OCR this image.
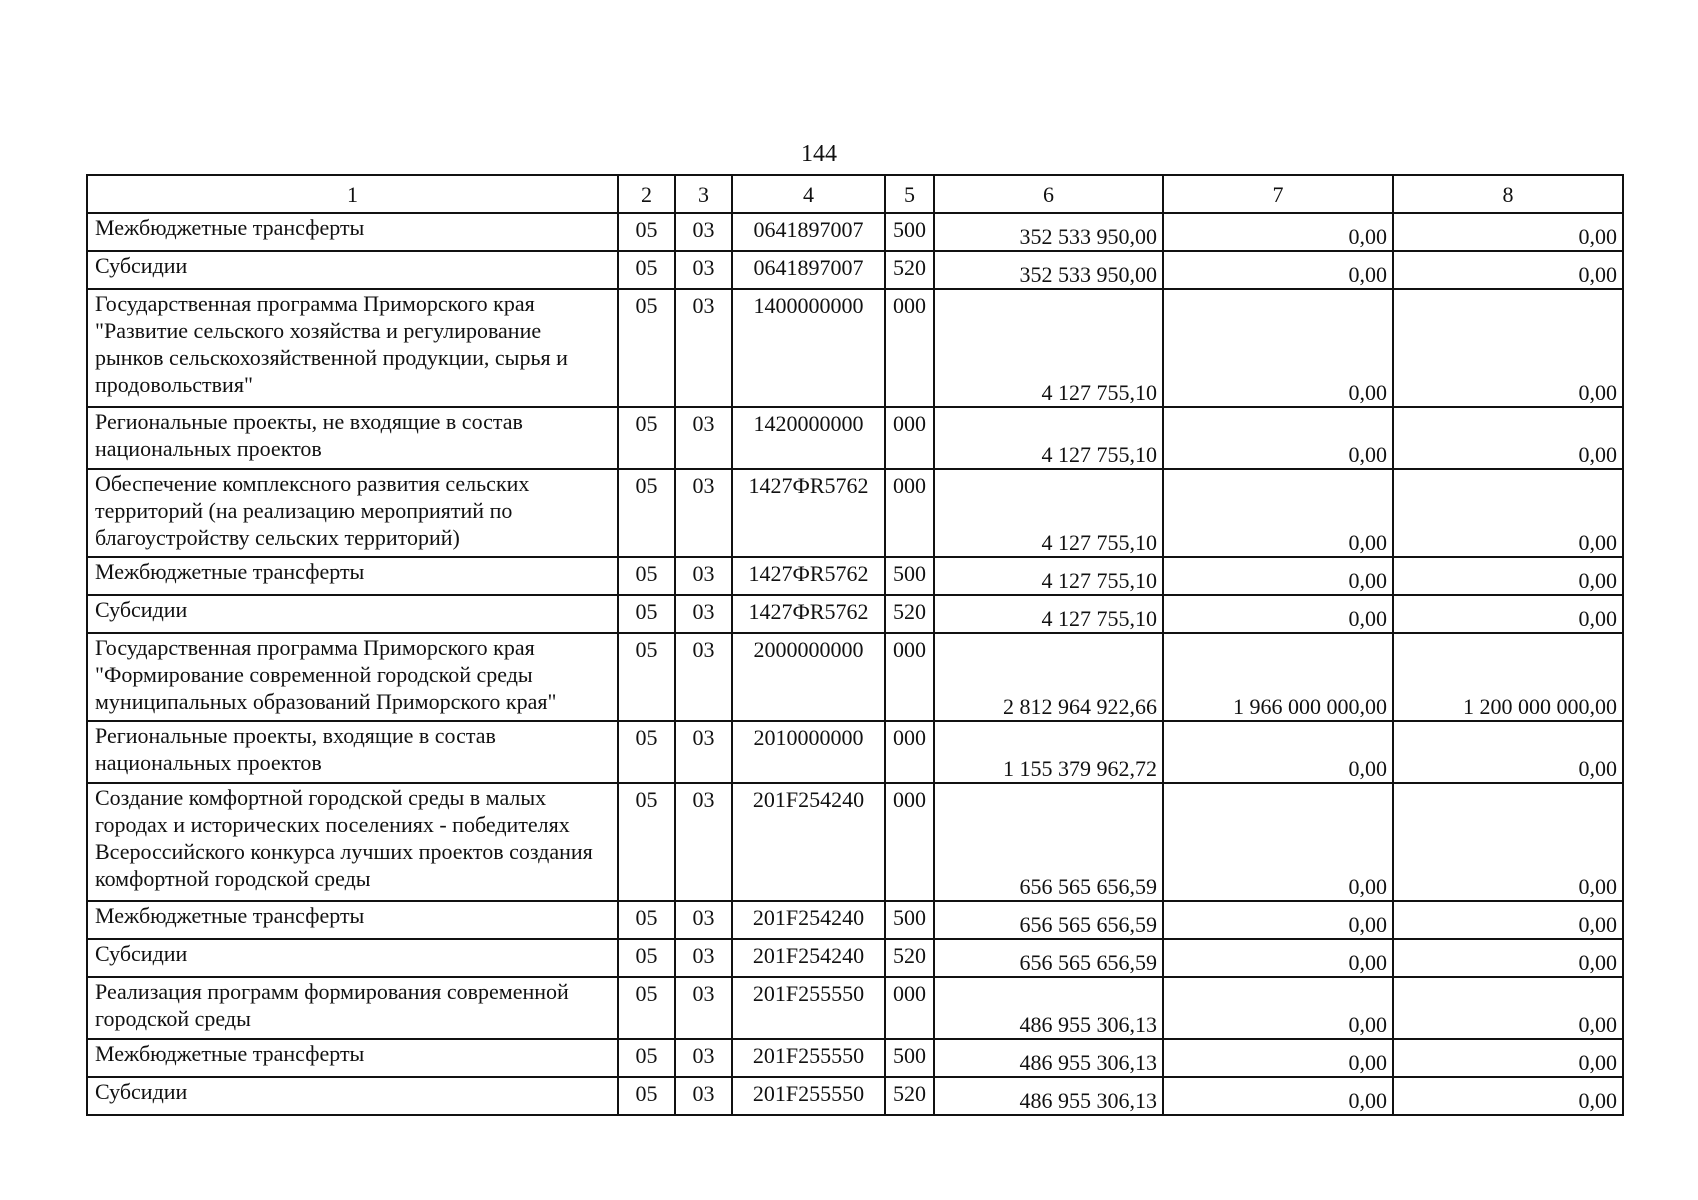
144
1	2	3	4	5	6	7	8
Межбюджетные трансферты	05	03	0641897007	500	352 533 950,00	0,00	0,00
Субсидии	05	03	0641897007	520	352 533 950,00	0,00	0,00
Государственная программа Приморского края "Развитие сельского хозяйства и регулирование рынков сельскохозяйственной продукции, сырья и продовольствия"	05	03	1400000000	000	4 127 755,10	0,00	0,00
Региональные проекты, не входящие в состав национальных проектов	05	03	1420000000	000	4 127 755,10	0,00	0,00
Обеспечение комплексного развития сельских территорий (на реализацию мероприятий по благоустройству сельских территорий)	05	03	1427ФR5762	000	4 127 755,10	0,00	0,00
Межбюджетные трансферты	05	03	1427ФR5762	500	4 127 755,10	0,00	0,00
Субсидии	05	03	1427ФR5762	520	4 127 755,10	0,00	0,00
Государственная программа Приморского края "Формирование современной городской среды муниципальных образований Приморского края"	05	03	2000000000	000	2 812 964 922,66	1 966 000 000,00	1 200 000 000,00
Региональные проекты, входящие в состав национальных проектов	05	03	2010000000	000	1 155 379 962,72	0,00	0,00
Создание комфортной городской среды в малых городах и исторических поселениях - победителях Всероссийского конкурса лучших проектов создания комфортной городской среды	05	03	201F254240	000	656 565 656,59	0,00	0,00
Межбюджетные трансферты	05	03	201F254240	500	656 565 656,59	0,00	0,00
Субсидии	05	03	201F254240	520	656 565 656,59	0,00	0,00
Реализация программ формирования современной городской среды	05	03	201F255550	000	486 955 306,13	0,00	0,00
Межбюджетные трансферты	05	03	201F255550	500	486 955 306,13	0,00	0,00
Субсидии	05	03	201F255550	520	486 955 306,13	0,00	0,00
